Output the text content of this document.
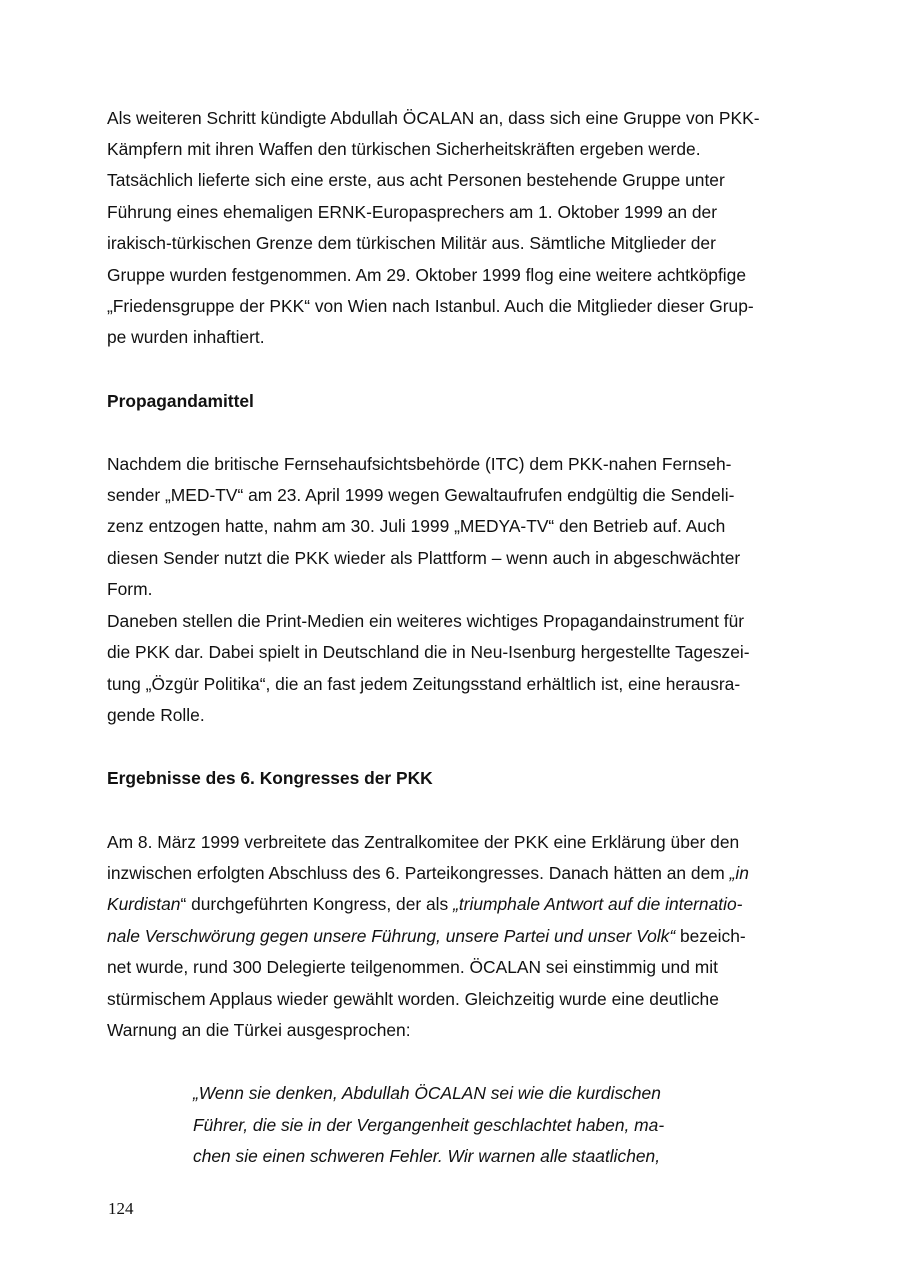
Als weiteren Schritt kündigte Abdullah ÖCALAN an, dass sich eine Gruppe von PKK-

Kämpfern mit ihren Waffen den türkischen Sicherheitskräften ergeben werde.

Tatsächlich lieferte sich eine erste, aus acht Personen bestehende Gruppe unter

Führung eines ehemaligen ERNK-Europasprechers am 1. Oktober 1999 an der

irakisch-türkischen Grenze dem türkischen Militär aus. Sämtliche Mitglieder der

Gruppe wurden festgenommen. Am 29. Oktober 1999 flog eine weitere achtköpfige

„Friedensgruppe der PKK“ von Wien nach Istanbul. Auch die Mitglieder dieser Grup-

pe wurden inhaftiert.

Propagandamittel

Nachdem die britische Fernsehaufsichtsbehörde (ITC) dem PKK-nahen Fernseh-

sender „MED-TV“ am 23. April 1999 wegen Gewaltaufrufen endgültig die Sendeli-

zenz entzogen hatte, nahm am 30. Juli 1999 „MEDYA-TV“ den Betrieb auf. Auch

diesen Sender nutzt die PKK wieder als Plattform – wenn auch in abgeschwächter

Form.

Daneben stellen die Print-Medien ein weiteres wichtiges Propagandainstrument für

die PKK dar. Dabei spielt in Deutschland die in Neu-Isenburg hergestellte Tageszei-

tung „Özgür Politika“, die an fast jedem Zeitungsstand erhältlich ist, eine herausra-

gende Rolle.

Ergebnisse des 6. Kongresses der PKK

Am 8. März 1999 verbreitete das Zentralkomitee der PKK eine Erklärung über den

inzwischen erfolgten Abschluss des 6. Parteikongresses. Danach hätten an dem „in

Kurdistan“ durchgeführten Kongress, der als „triumphale Antwort auf die internatio-

nale Verschwörung gegen unsere Führung, unsere Partei und unser Volk“ bezeich-

net wurde, rund 300 Delegierte teilgenommen. ÖCALAN sei einstimmig und mit

stürmischem Applaus wieder gewählt worden. Gleichzeitig wurde eine deutliche

Warnung an die Türkei ausgesprochen:

„Wenn sie denken, Abdullah ÖCALAN sei wie die kurdischen

Führer, die sie in der Vergangenheit geschlachtet haben, ma-

chen sie einen schweren Fehler. Wir warnen alle staatlichen,

124
